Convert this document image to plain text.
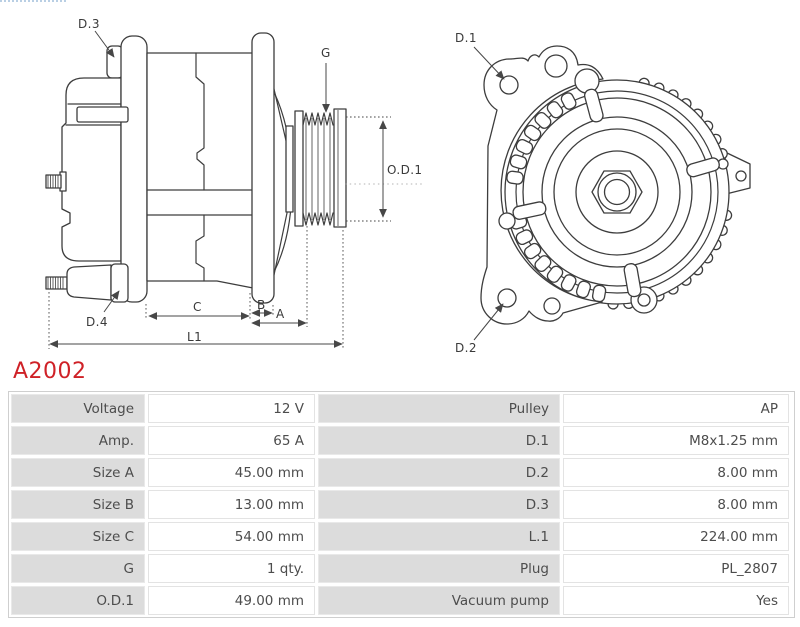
D.3
G
O.D.1
D.4
C	B
A
L1
D.1
D.2
A2002
Voltage	12 V	Pulley	AP
Amp.	65 A	D.1	M8x1.25 mm
Size A	45.00 mm	D.2	8.00 mm
Size B	13.00 mm	D.3	8.00 mm
Size C	54.00 mm	L.1	224.00 mm
G	1 qty.	Plug	PL_2807
O.D.1	49.00 mm	Vacuum pump	Yes
